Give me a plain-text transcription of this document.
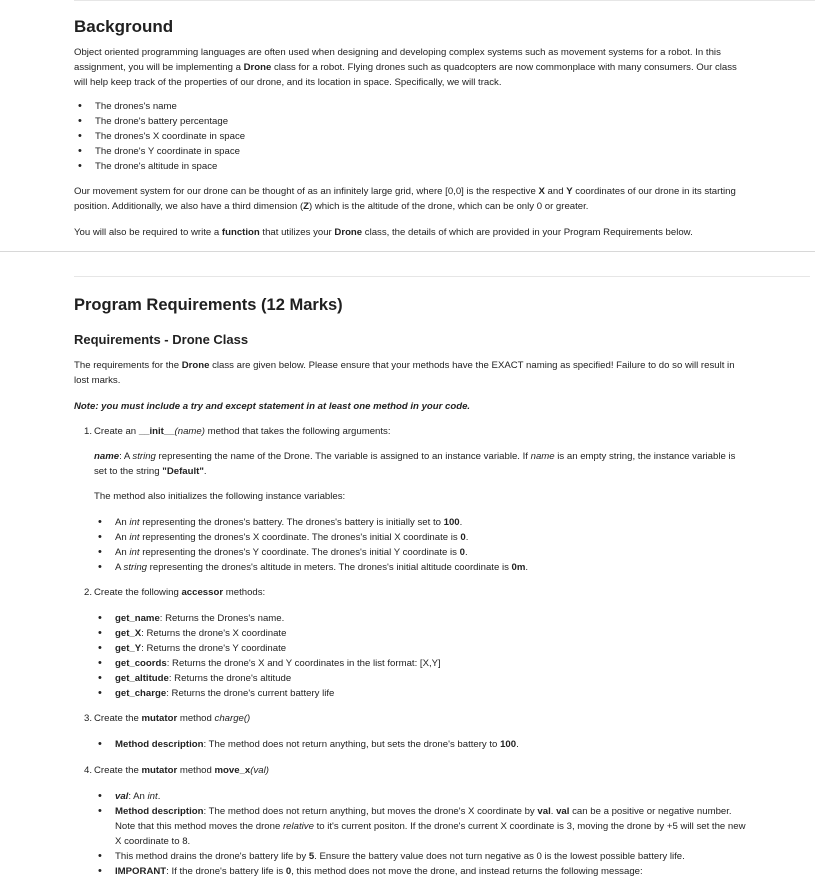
Background

Object oriented programming languages are often used when designing and developing complex systems such as movement systems for a robot. In this

assignment, you will be implementing a Drone class for a robot. Flying drones such as quadcopters are now commonplace with many consumers. Our class

will help keep track of the properties of our drone, and its location in space. Specifically, we will track.

• The drones's name
• The drone's battery percentage
• The drones's X coordinate in space
• The drone's Y coordinate in space
• The drone's altitude in space

Our movement system for our drone can be thought of as an infinitely large grid, where [0,0] is the respective X and Y coordinates of our drone in its starting

position. Additionally, we also have a third dimension (Z) which is the altitude of the drone, which can be only 0 or greater.

You will also be required to write a function that utilizes your Drone class, the details of which are provided in your Program Requirements below.

Program Requirements (12 Marks)
Requirements - Drone Class

The requirements for the Drone class are given below. Please ensure that your methods have the EXACT naming as specified! Failure to do so will result in

lost marks.

Note: you must include a try and except statement in at least one method in your code.

1. Create an __init__(name) method that takes the following arguments:

name: A string representing the name of the Drone. The variable is assigned to an instance variable. If name is an empty string, the instance variable is

set to the string "Default".

The method also initializes the following instance variables:

• An int representing the drones's battery. The drones's battery is initially set to 100.
• An int representing the drones's X coordinate. The drones's initial X coordinate is 0.
• An int representing the drones's Y coordinate. The drones's initial Y coordinate is 0.
• A string representing the drones's altitude in meters. The drones's initial altitude coordinate is 0m.
2. Create the following accessor methods:
• get_name: Returns the Drones's name.
• get_X: Returns the drone's X coordinate
• get_Y: Returns the drone's Y coordinate
• get_coords: Returns the drone's X and Y coordinates in the list format: [X,Y]
• get_altitude: Returns the drone's altitude
• get_charge: Returns the drone's current battery life
3. Create the mutator method charge()
• Method description: The method does not return anything, but sets the drone's battery to 100.
4. Create the mutator method move_x(val)
• val: An int.
• Method description: The method does not return anything, but moves the drone's X coordinate by val. val can be a positive or negative number.
Note that this method moves the drone relative to it's current positon. If the drone's current X coordinate is 3, moving the drone by +5 will set the new
X coordinate to 8.
• This method drains the drone's battery life by 5. Ensure the battery value does not turn negative as 0 is the lowest possible battery life.
• IMPORANT: If the drone's battery life is 0, this method does not move the drone, and instead returns the following message:
